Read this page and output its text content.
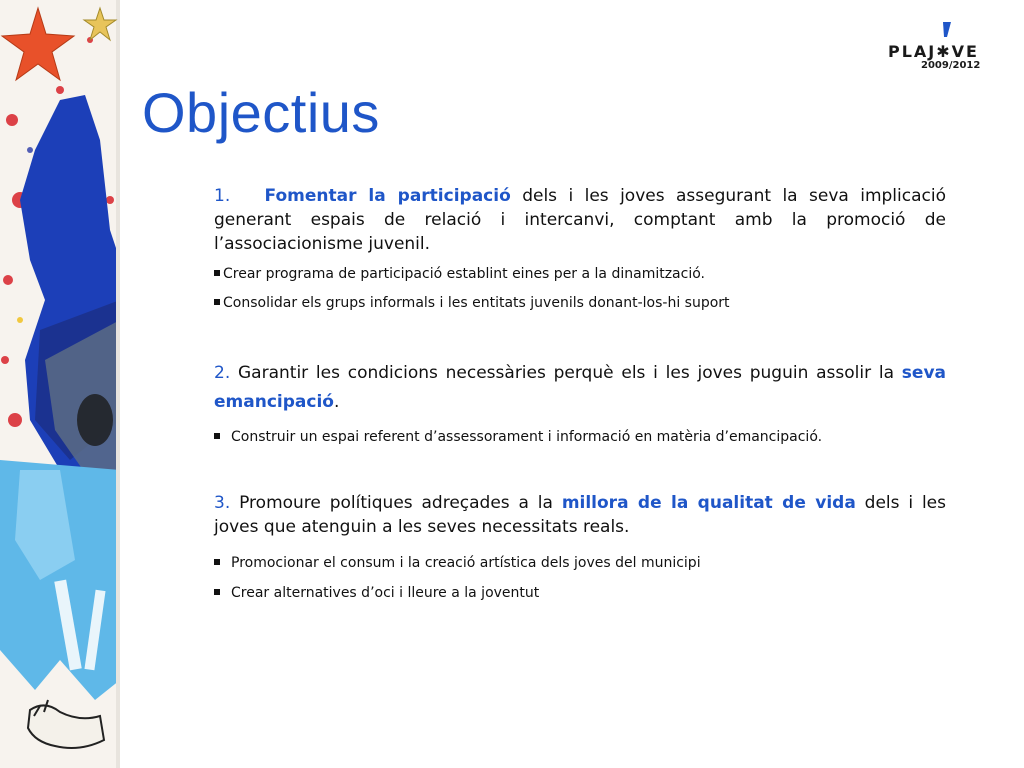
PLAJ✱VE
2009/2012
Objectius

1. Fomentar la participació dels i les joves assegurant la seva implicació generant espais de relació i intercanvi, comptant amb la promoció de l’associacionisme juvenil.

Crear programa de participació establint eines per a la dinamització.

Consolidar els grups informals i les entitats juvenils donant-los-hi suport

2. Garantir les condicions necessàries perquè els i les joves puguin assolir la seva emancipació.

Construir un espai referent d’assessorament i informació en matèria d’emancipació.

3. Promoure polítiques adreçades a la millora de la qualitat de vida dels i les joves que atenguin a les seves necessitats reals.

Promocionar el consum i la creació artística dels joves del municipi

Crear alternatives d’oci i lleure a la joventut
